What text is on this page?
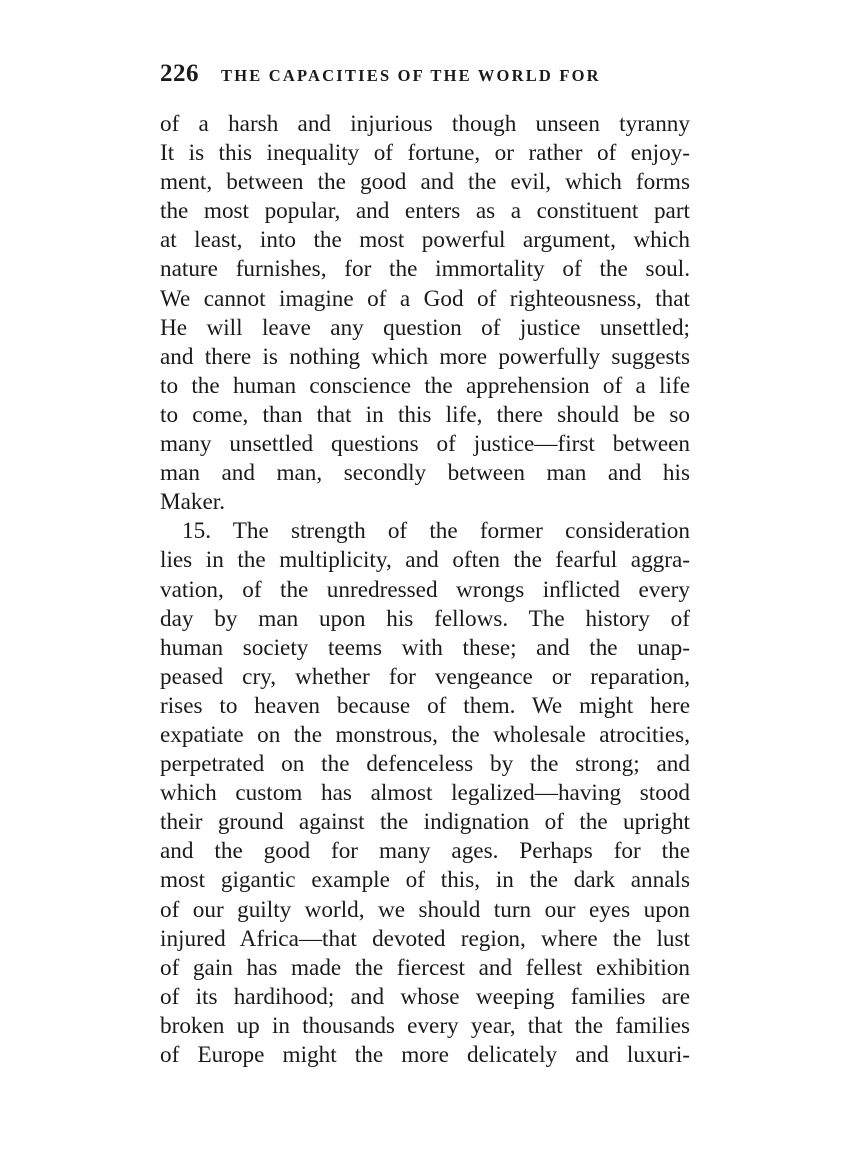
226 THE CAPACITIES OF THE WORLD FOR
of a harsh and injurious though unseen tyranny
It is this inequality of fortune, or rather of enjoy-
ment, between the good and the evil, which forms
the most popular, and enters as a constituent part
at least, into the most powerful argument, which
nature furnishes, for the immortality of the soul.
We cannot imagine of a God of righteousness, that
He will leave any question of justice unsettled;
and there is nothing which more powerfully suggests
to the human conscience the apprehension of a life
to come, than that in this life, there should be so
many unsettled questions of justice—first between
man and man, secondly between man and his
Maker.
15. The strength of the former consideration
lies in the multiplicity, and often the fearful aggra-
vation, of the unredressed wrongs inflicted every
day by man upon his fellows. The history of
human society teems with these; and the unap-
peased cry, whether for vengeance or reparation,
rises to heaven because of them. We might here
expatiate on the monstrous, the wholesale atrocities,
perpetrated on the defenceless by the strong; and
which custom has almost legalized—having stood
their ground against the indignation of the upright
and the good for many ages. Perhaps for the
most gigantic example of this, in the dark annals
of our guilty world, we should turn our eyes upon
injured Africa—that devoted region, where the lust
of gain has made the fiercest and fellest exhibition
of its hardihood; and whose weeping families are
broken up in thousands every year, that the families
of Europe might the more delicately and luxuri-
